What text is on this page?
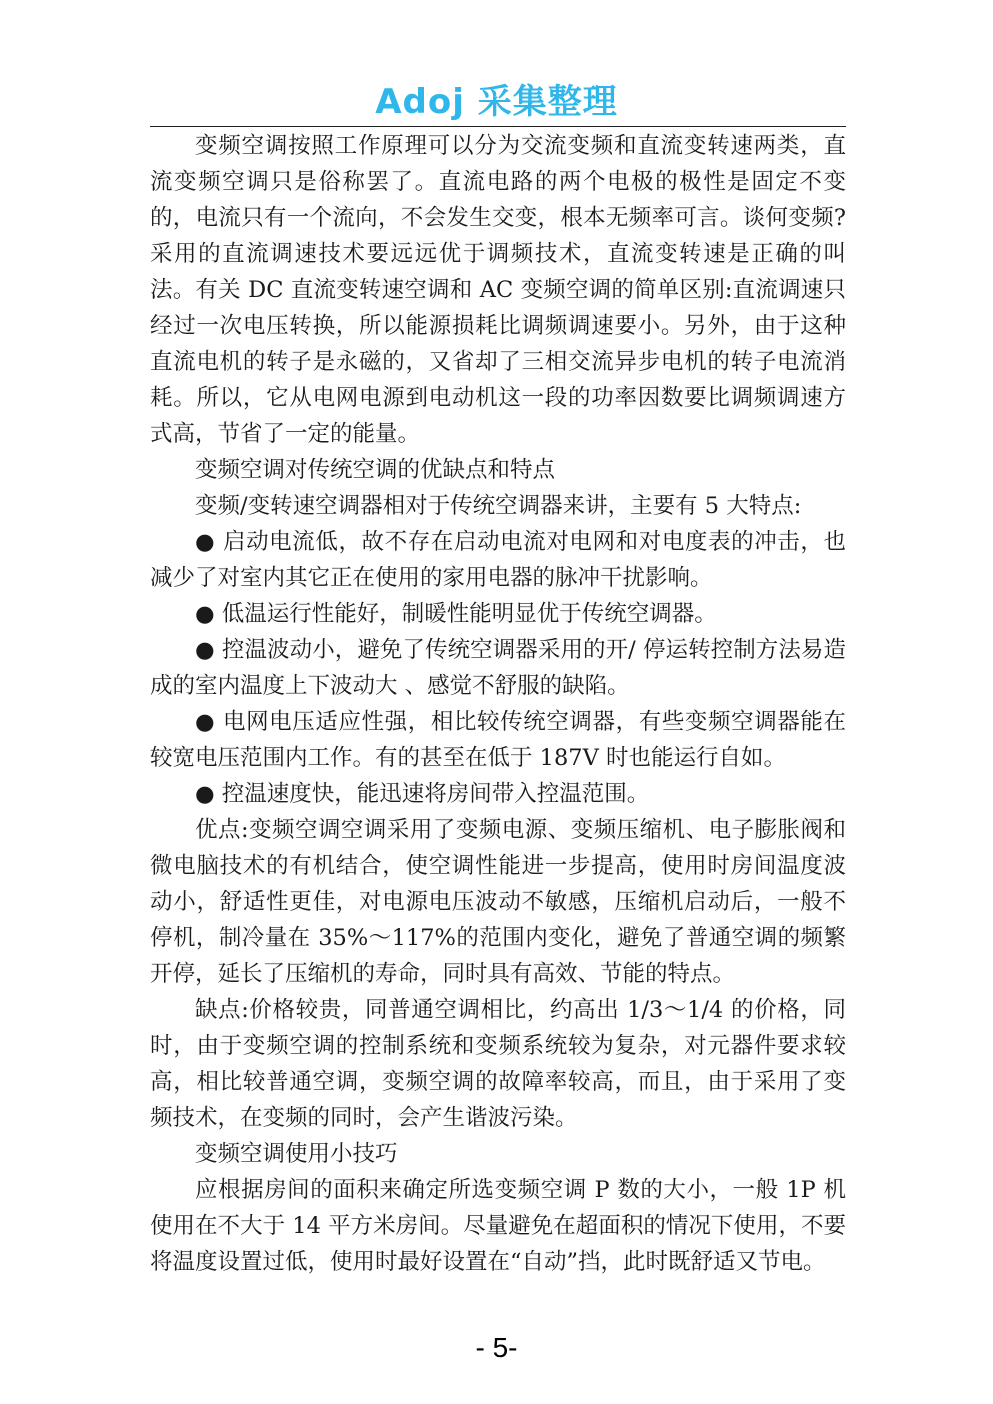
Adoj 采集整理

变频空调按照工作原理可以分为交流变频和直流变转速两类，直流变频空调只是俗称罢了。直流电路的两个电极的极性是固定不变的，电流只有一个流向，不会发生交变，根本无频率可言。谈何变频?采用的直流调速技术要远远优于调频技术，直流变转速是正确的叫法。有关 DC 直流变转速空调和 AC 变频空调的简单区别:直流调速只经过一次电压转换，所以能源损耗比调频调速要小。另外，由于这种直流电机的转子是永磁的，又省却了三相交流异步电机的转子电流消耗。所以，它从电网电源到电动机这一段的功率因数要比调频调速方式高，节省了一定的能量。

变频空调对传统空调的优缺点和特点

变频/变转速空调器相对于传统空调器来讲，主要有 5 大特点:

● 启动电流低，故不存在启动电流对电网和对电度表的冲击，也减少了对室内其它正在使用的家用电器的脉冲干扰影响。

● 低温运行性能好，制暖性能明显优于传统空调器。

● 控温波动小，避免了传统空调器采用的开/ 停运转控制方法易造成的室内温度上下波动大 、感觉不舒服的缺陷。

● 电网电压适应性强，相比较传统空调器，有些变频空调器能在较宽电压范围内工作。有的甚至在低于 187V 时也能运行自如。

● 控温速度快，能迅速将房间带入控温范围。

优点:变频空调空调采用了变频电源、变频压缩机、电子膨胀阀和微电脑技术的有机结合，使空调性能进一步提高，使用时房间温度波动小，舒适性更佳，对电源电压波动不敏感，压缩机启动后，一般不停机，制冷量在 35%～117%的范围内变化，避免了普通空调的频繁开停，延长了压缩机的寿命，同时具有高效、节能的特点。

缺点:价格较贵，同普通空调相比，约高出 1/3～1/4 的价格，同时，由于变频空调的控制系统和变频系统较为复杂，对元器件要求较高，相比较普通空调，变频空调的故障率较高，而且，由于采用了变频技术，在变频的同时，会产生谐波污染。

变频空调使用小技巧

应根据房间的面积来确定所选变频空调 P 数的大小，一般 1P 机使用在不大于 14 平方米房间。尽量避免在超面积的情况下使用，不要将温度设置过低，使用时最好设置在“自动”挡，此时既舒适又节电。

- 5-
